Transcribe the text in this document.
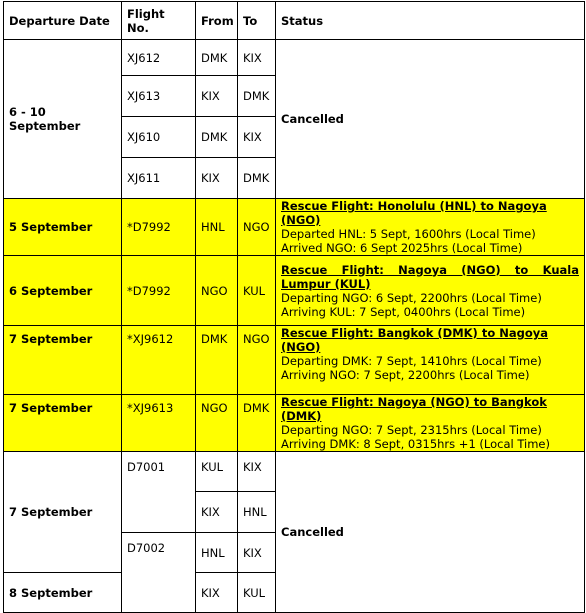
Departure Date	Flight No.	From	To	Status
6 - 10 September	XJ612	DMK	KIX	Cancelled
	XJ613	KIX	DMK	
	XJ610	DMK	KIX	
	XJ611	KIX	DMK	
5 September	*D7992	HNL	NGO	Rescue Flight: Honolulu (HNL) to Nagoya (NGO)
Departed HNL: 5 Sept, 1600hrs (Local Time)
Arrived NGO: 6 Sept 2025hrs (Local Time)

6 September	*D7992	NGO	KUL	Rescue Flight: Nagoya (NGO) to Kuala Lumpur (KUL)
Departing NGO: 6 Sept, 2200hrs (Local Time)
Arriving KUL: 7 Sept, 0400hrs (Local Time)

7 September	*XJ9612	DMK	NGO	Rescue Flight: Bangkok (DMK) to Nagoya (NGO)
Departing DMK: 7 Sept, 1410hrs (Local Time)
Arriving NGO: 7 Sept, 2200hrs (Local Time)

7 September	*XJ9613	NGO	DMK	Rescue Flight: Nagoya (NGO) to Bangkok (DMK)
Departing NGO: 7 Sept, 2315hrs (Local Time)
Arriving DMK: 8 Sept, 0315hrs +1 (Local Time)

7 September	D7001	KUL	KIX	Cancelled
		KIX	HNL	
	D7002	HNL	KIX	
8 September		KIX	KUL	
